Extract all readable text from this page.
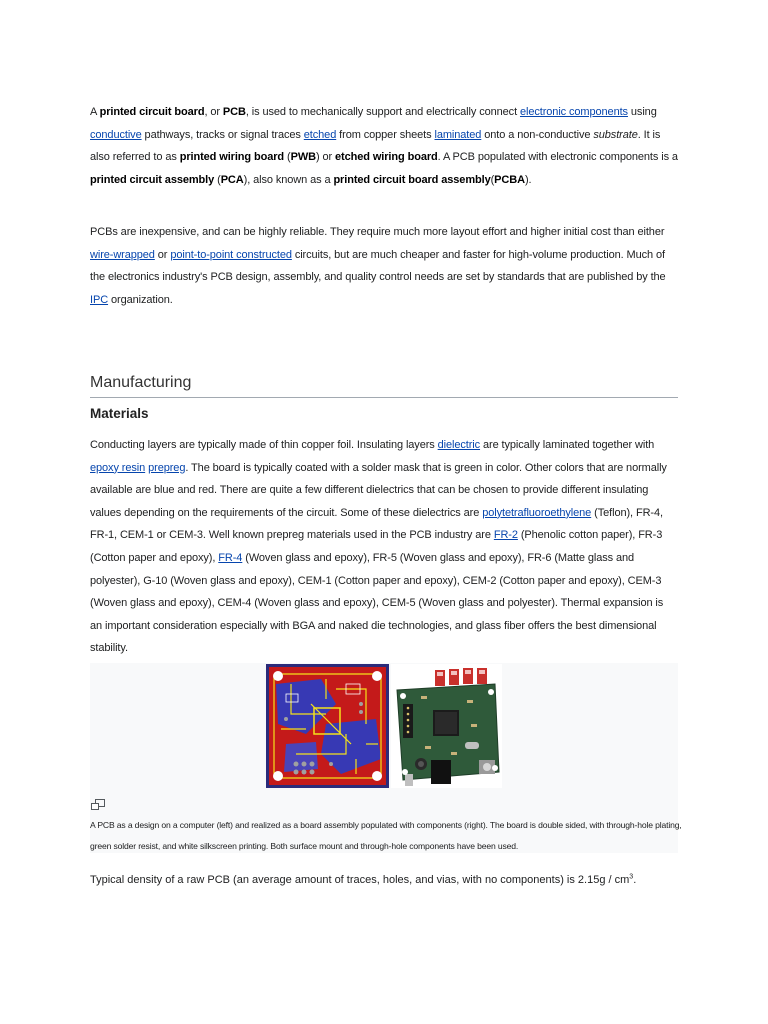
A printed circuit board, or PCB, is used to mechanically support and electrically connect electronic components using conductive pathways, tracks or signal traces etched from copper sheets laminated onto a non-conductive substrate. It is also referred to as printed wiring board (PWB) or etched wiring board. A PCB populated with electronic components is a printed circuit assembly (PCA), also known as a printed circuit board assembly(PCBA).

PCBs are inexpensive, and can be highly reliable. They require much more layout effort and higher initial cost than either wire-wrapped or point-to-point constructed circuits, but are much cheaper and faster for high-volume production. Much of the electronics industry's PCB design, assembly, and quality control needs are set by standards that are published by the IPC organization.

Manufacturing
Materials

Conducting layers are typically made of thin copper foil. Insulating layers dielectric are typically laminated together with epoxy resin prepreg. The board is typically coated with a solder mask that is green in color. Other colors that are normally available are blue and red. There are quite a few different dielectrics that can be chosen to provide different insulating values depending on the requirements of the circuit. Some of these dielectrics are polytetrafluoroethylene (Teflon), FR-4, FR-1, CEM-1 or CEM-3. Well known prepreg materials used in the PCB industry are FR-2 (Phenolic cotton paper), FR-3 (Cotton paper and epoxy), FR-4 (Woven glass and epoxy), FR-5 (Woven glass and epoxy), FR-6 (Matte glass and polyester), G-10 (Woven glass and epoxy), CEM-1 (Cotton paper and epoxy), CEM-2 (Cotton paper and epoxy), CEM-3 (Woven glass and epoxy), CEM-4 (Woven glass and epoxy), CEM-5 (Woven glass and polyester). Thermal expansion is an important consideration especially with BGA and naked die technologies, and glass fiber offers the best dimensional stability.

A PCB as a design on a computer (left) and realized as a board assembly populated with components (right). The board is double sided, with through-hole plating, green solder resist, and white silkscreen printing. Both surface mount and through-hole components have been used.

Typical density of a raw PCB (an average amount of traces, holes, and vias, with no components) is $2.15g / cm^3$.
